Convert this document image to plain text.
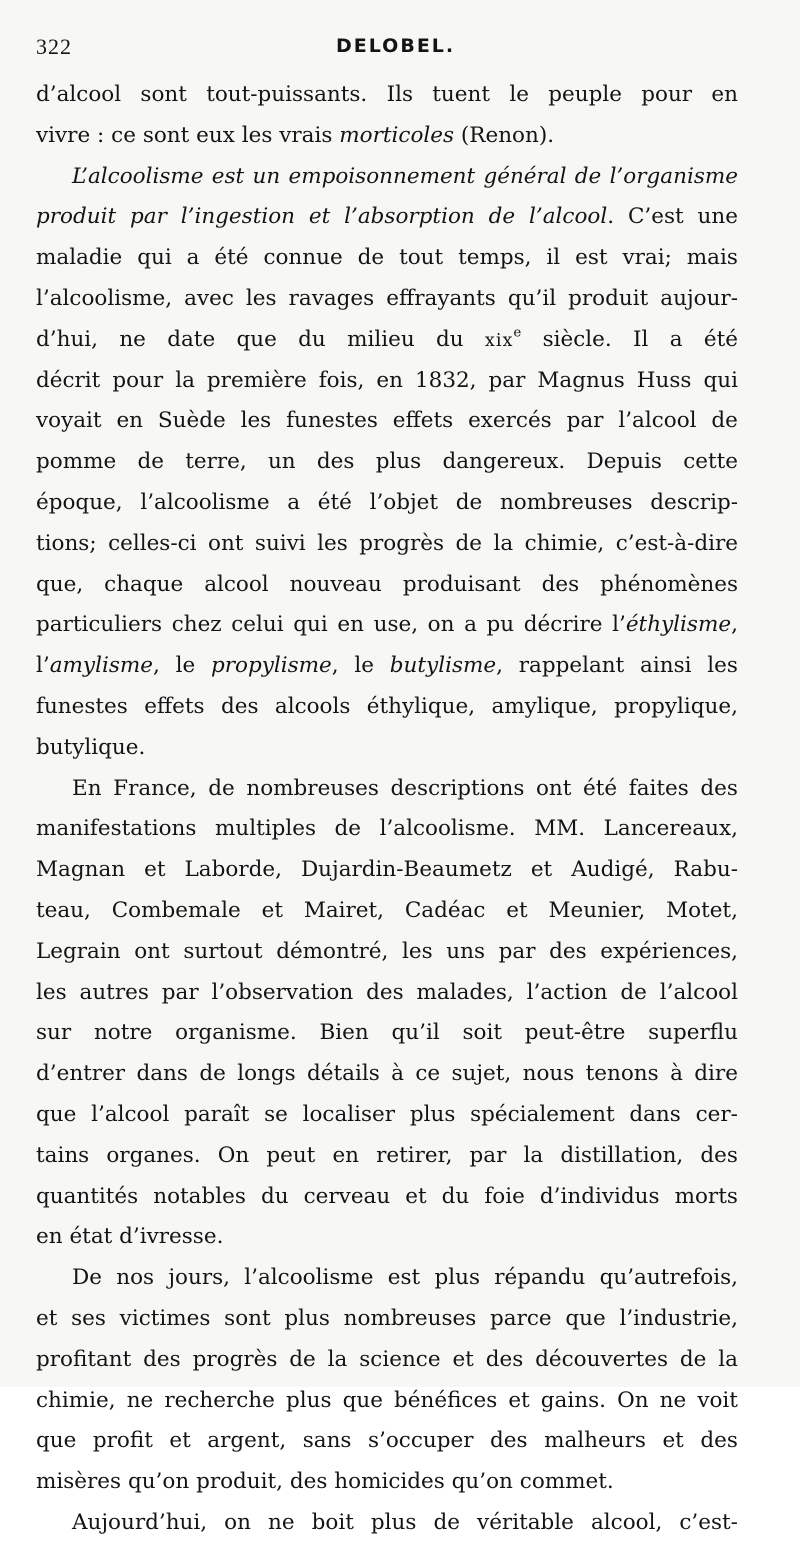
322	DELOBEL.
d’alcool sont tout-puissants. Ils tuent le peuple pour en
vivre : ce sont eux les vrais morticoles (Renon).
L’alcoolisme est un empoisonnement général de l’organisme
produit par l’ingestion et l’absorption de l’alcool. C’est une
maladie qui a été connue de tout temps, il est vrai; mais
l’alcoolisme, avec les ravages effrayants qu’il produit aujour-
d’hui, ne date que du milieu du xix$^e$ siècle. Il a été
décrit pour la première fois, en 1832, par Magnus Huss qui
voyait en Suède les funestes effets exercés par l’alcool de
pomme de terre, un des plus dangereux. Depuis cette
époque, l’alcoolisme a été l’objet de nombreuses descrip-
tions; celles-ci ont suivi les progrès de la chimie, c’est-à-dire
que, chaque alcool nouveau produisant des phénomènes
particuliers chez celui qui en use, on a pu décrire l’éthylisme,
l’amylisme, le propylisme, le butylisme, rappelant ainsi les
funestes effets des alcools éthylique, amylique, propylique,
butylique.
En France, de nombreuses descriptions ont été faites des
manifestations multiples de l’alcoolisme. MM. Lancereaux,
Magnan et Laborde, Dujardin-Beaumetz et Audigé, Rabu-
teau, Combemale et Mairet, Cadéac et Meunier, Motet,
Legrain ont surtout démontré, les uns par des expériences,
les autres par l’observation des malades, l’action de l’alcool
sur notre organisme. Bien qu’il soit peut-être superflu
d’entrer dans de longs détails à ce sujet, nous tenons à dire
que l’alcool paraît se localiser plus spécialement dans cer-
tains organes. On peut en retirer, par la distillation, des
quantités notables du cerveau et du foie d’individus morts
en état d’ivresse.
De nos jours, l’alcoolisme est plus répandu qu’autrefois,
et ses victimes sont plus nombreuses parce que l’industrie,
profitant des progrès de la science et des découvertes de la
chimie, ne recherche plus que bénéfices et gains. On ne voit
que profit et argent, sans s’occuper des malheurs et des
misères qu’on produit, des homicides qu’on commet.
Aujourd’hui, on ne boit plus de véritable alcool, c’est-
